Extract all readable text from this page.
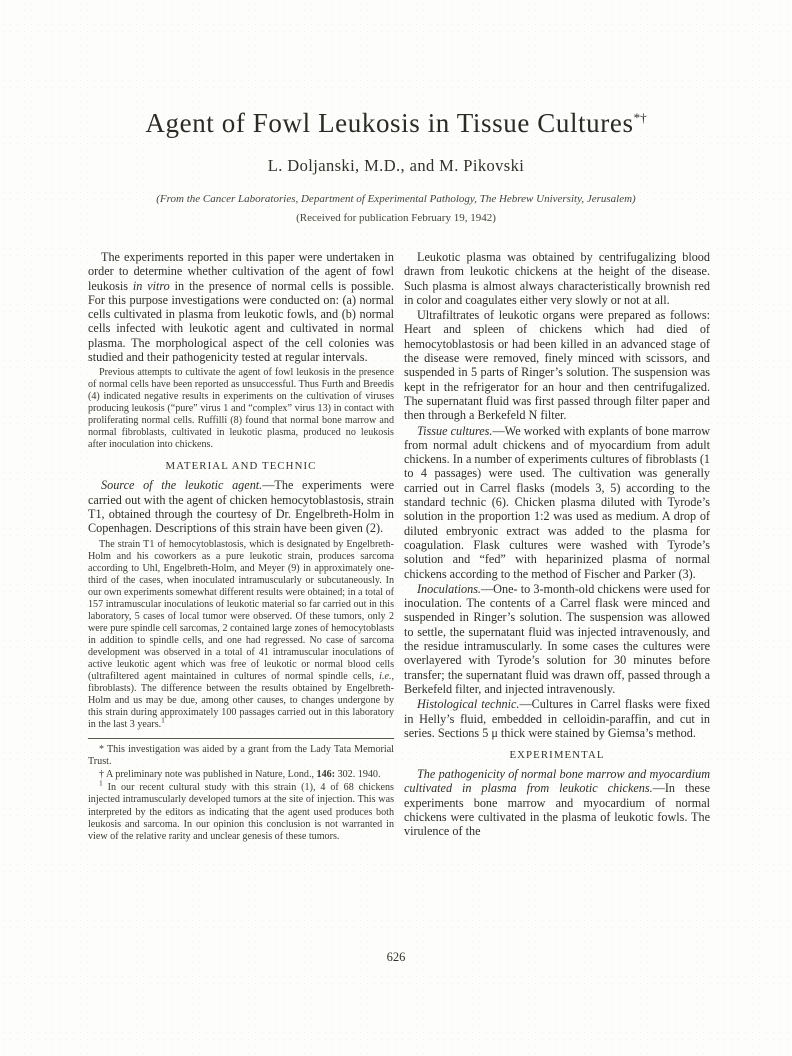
Agent of Fowl Leukosis in Tissue Cultures*†
L. Doljanski, M.D., and M. Pikovski
(From the Cancer Laboratories, Department of Experimental Pathology, The Hebrew University, Jerusalem)
(Received for publication February 19, 1942)

The experiments reported in this paper were undertaken in order to determine whether cultivation of the agent of fowl leukosis in vitro in the presence of normal cells is possible. For this purpose investigations were conducted on: (a) normal cells cultivated in plasma from leukotic fowls, and (b) normal cells infected with leukotic agent and cultivated in normal plasma. The morphological aspect of the cell colonies was studied and their pathogenicity tested at regular intervals.

Previous attempts to cultivate the agent of fowl leukosis in the presence of normal cells have been reported as unsuccessful. Thus Furth and Breedis (4) indicated negative results in experiments on the cultivation of viruses producing leukosis (“pure” virus 1 and “complex” virus 13) in contact with proliferating normal cells. Ruffilli (8) found that normal bone marrow and normal fibroblasts, cultivated in leukotic plasma, produced no leukosis after inoculation into chickens.

MATERIAL AND TECHNIC

Source of the leukotic agent.—The experiments were carried out with the agent of chicken hemocytoblastosis, strain T1, obtained through the courtesy of Dr. Engelbreth-Holm in Copenhagen. Descriptions of this strain have been given (2).

The strain T1 of hemocytoblastosis, which is designated by Engelbreth-Holm and his coworkers as a pure leukotic strain, produces sarcoma according to Uhl, Engelbreth-Holm, and Meyer (9) in approximately one-third of the cases, when inoculated intramuscularly or subcutaneously. In our own experiments somewhat different results were obtained; in a total of 157 intramuscular inoculations of leukotic material so far carried out in this laboratory, 5 cases of local tumor were observed. Of these tumors, only 2 were pure spindle cell sarcomas, 2 contained large zones of hemocytoblasts in addition to spindle cells, and one had regressed. No case of sarcoma development was observed in a total of 41 intramuscular inoculations of active leukotic agent which was free of leukotic or normal blood cells (ultrafiltered agent maintained in cultures of normal spindle cells, i.e., fibroblasts). The difference between the results obtained by Engelbreth-Holm and us may be due, among other causes, to changes undergone by this strain during approximately 100 passages carried out in this laboratory in the last 3 years.$^1$

* This investigation was aided by a grant from the Lady Tata Memorial Trust.

† A preliminary note was published in Nature, Lond., 146: 302. 1940.

$^1$ In our recent cultural study with this strain (1), 4 of 68 chickens injected intramuscularly developed tumors at the site of injection. This was interpreted by the editors as indicating that the agent used produces both leukosis and sarcoma. In our opinion this conclusion is not warranted in view of the relative rarity and unclear genesis of these tumors.

Leukotic plasma was obtained by centrifugalizing blood drawn from leukotic chickens at the height of the disease. Such plasma is almost always characteristically brownish red in color and coagulates either very slowly or not at all.

Ultrafiltrates of leukotic organs were prepared as follows: Heart and spleen of chickens which had died of hemocytoblastosis or had been killed in an advanced stage of the disease were removed, finely minced with scissors, and suspended in 5 parts of Ringer’s solution. The suspension was kept in the refrigerator for an hour and then centrifugalized. The supernatant fluid was first passed through filter paper and then through a Berkefeld N filter.

Tissue cultures.—We worked with explants of bone marrow from normal adult chickens and of myocardium from adult chickens. In a number of experiments cultures of fibroblasts (1 to 4 passages) were used. The cultivation was generally carried out in Carrel flasks (models 3, 5) according to the standard technic (6). Chicken plasma diluted with Tyrode’s solution in the proportion 1:2 was used as medium. A drop of diluted embryonic extract was added to the plasma for coagulation. Flask cultures were washed with Tyrode’s solution and “fed” with heparinized plasma of normal chickens according to the method of Fischer and Parker (3).

Inoculations.—One- to 3-month-old chickens were used for inoculation. The contents of a Carrel flask were minced and suspended in Ringer’s solution. The suspension was allowed to settle, the supernatant fluid was injected intravenously, and the residue intramuscularly. In some cases the cultures were overlayered with Tyrode’s solution for 30 minutes before transfer; the supernatant fluid was drawn off, passed through a Berkefeld filter, and injected intravenously.

Histological technic.—Cultures in Carrel flasks were fixed in Helly’s fluid, embedded in celloidin-paraffin, and cut in series. Sections 5 μ thick were stained by Giemsa’s method.

EXPERIMENTAL

The pathogenicity of normal bone marrow and myocardium cultivated in plasma from leukotic chickens.—In these experiments bone marrow and myocardium of normal chickens were cultivated in the plasma of leukotic fowls. The virulence of the

626
